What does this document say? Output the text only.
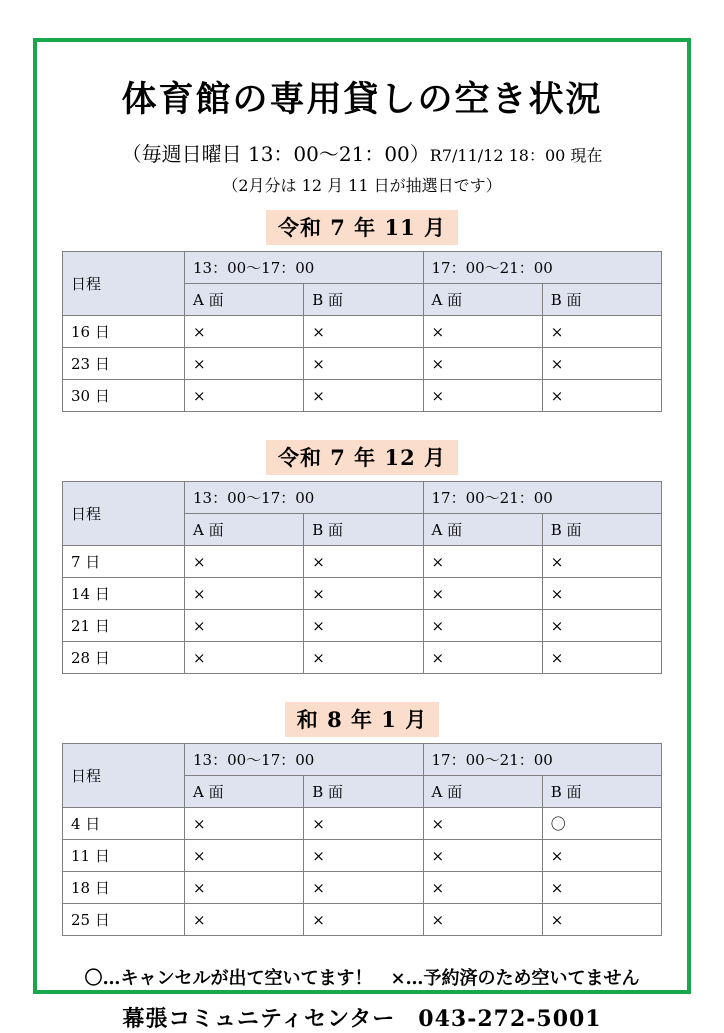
体育館の専用貸しの空き状況
（毎週日曜日 13：00〜21：00）R7/11/12 18：00 現在
（2月分は 12 月 11 日が抽選日です）
令和 7 年 11 月
日程	13：00〜17：00		17：00〜21：00	
	A 面	B 面	A 面	B 面
16 日	×	×	×	×
23 日	×	×	×	×
30 日	×	×	×	×
令和 7 年 12 月
日程	13：00〜17：00		17：00〜21：00	
	A 面	B 面	A 面	B 面
7 日	×	×	×	×
14 日	×	×	×	×
21 日	×	×	×	×
28 日	×	×	×	×
和 8 年 1 月
日程	13：00〜17：00		17：00〜21：00	
	A 面	B 面	A 面	B 面
4 日	×	×	×	〇
11 日	×	×	×	×
18 日	×	×	×	×
25 日	×	×	×	×
〇…キャンセルが出て空いてます！ ×…予約済のため空いてません
幕張コミュニティセンター　043-272-5001
